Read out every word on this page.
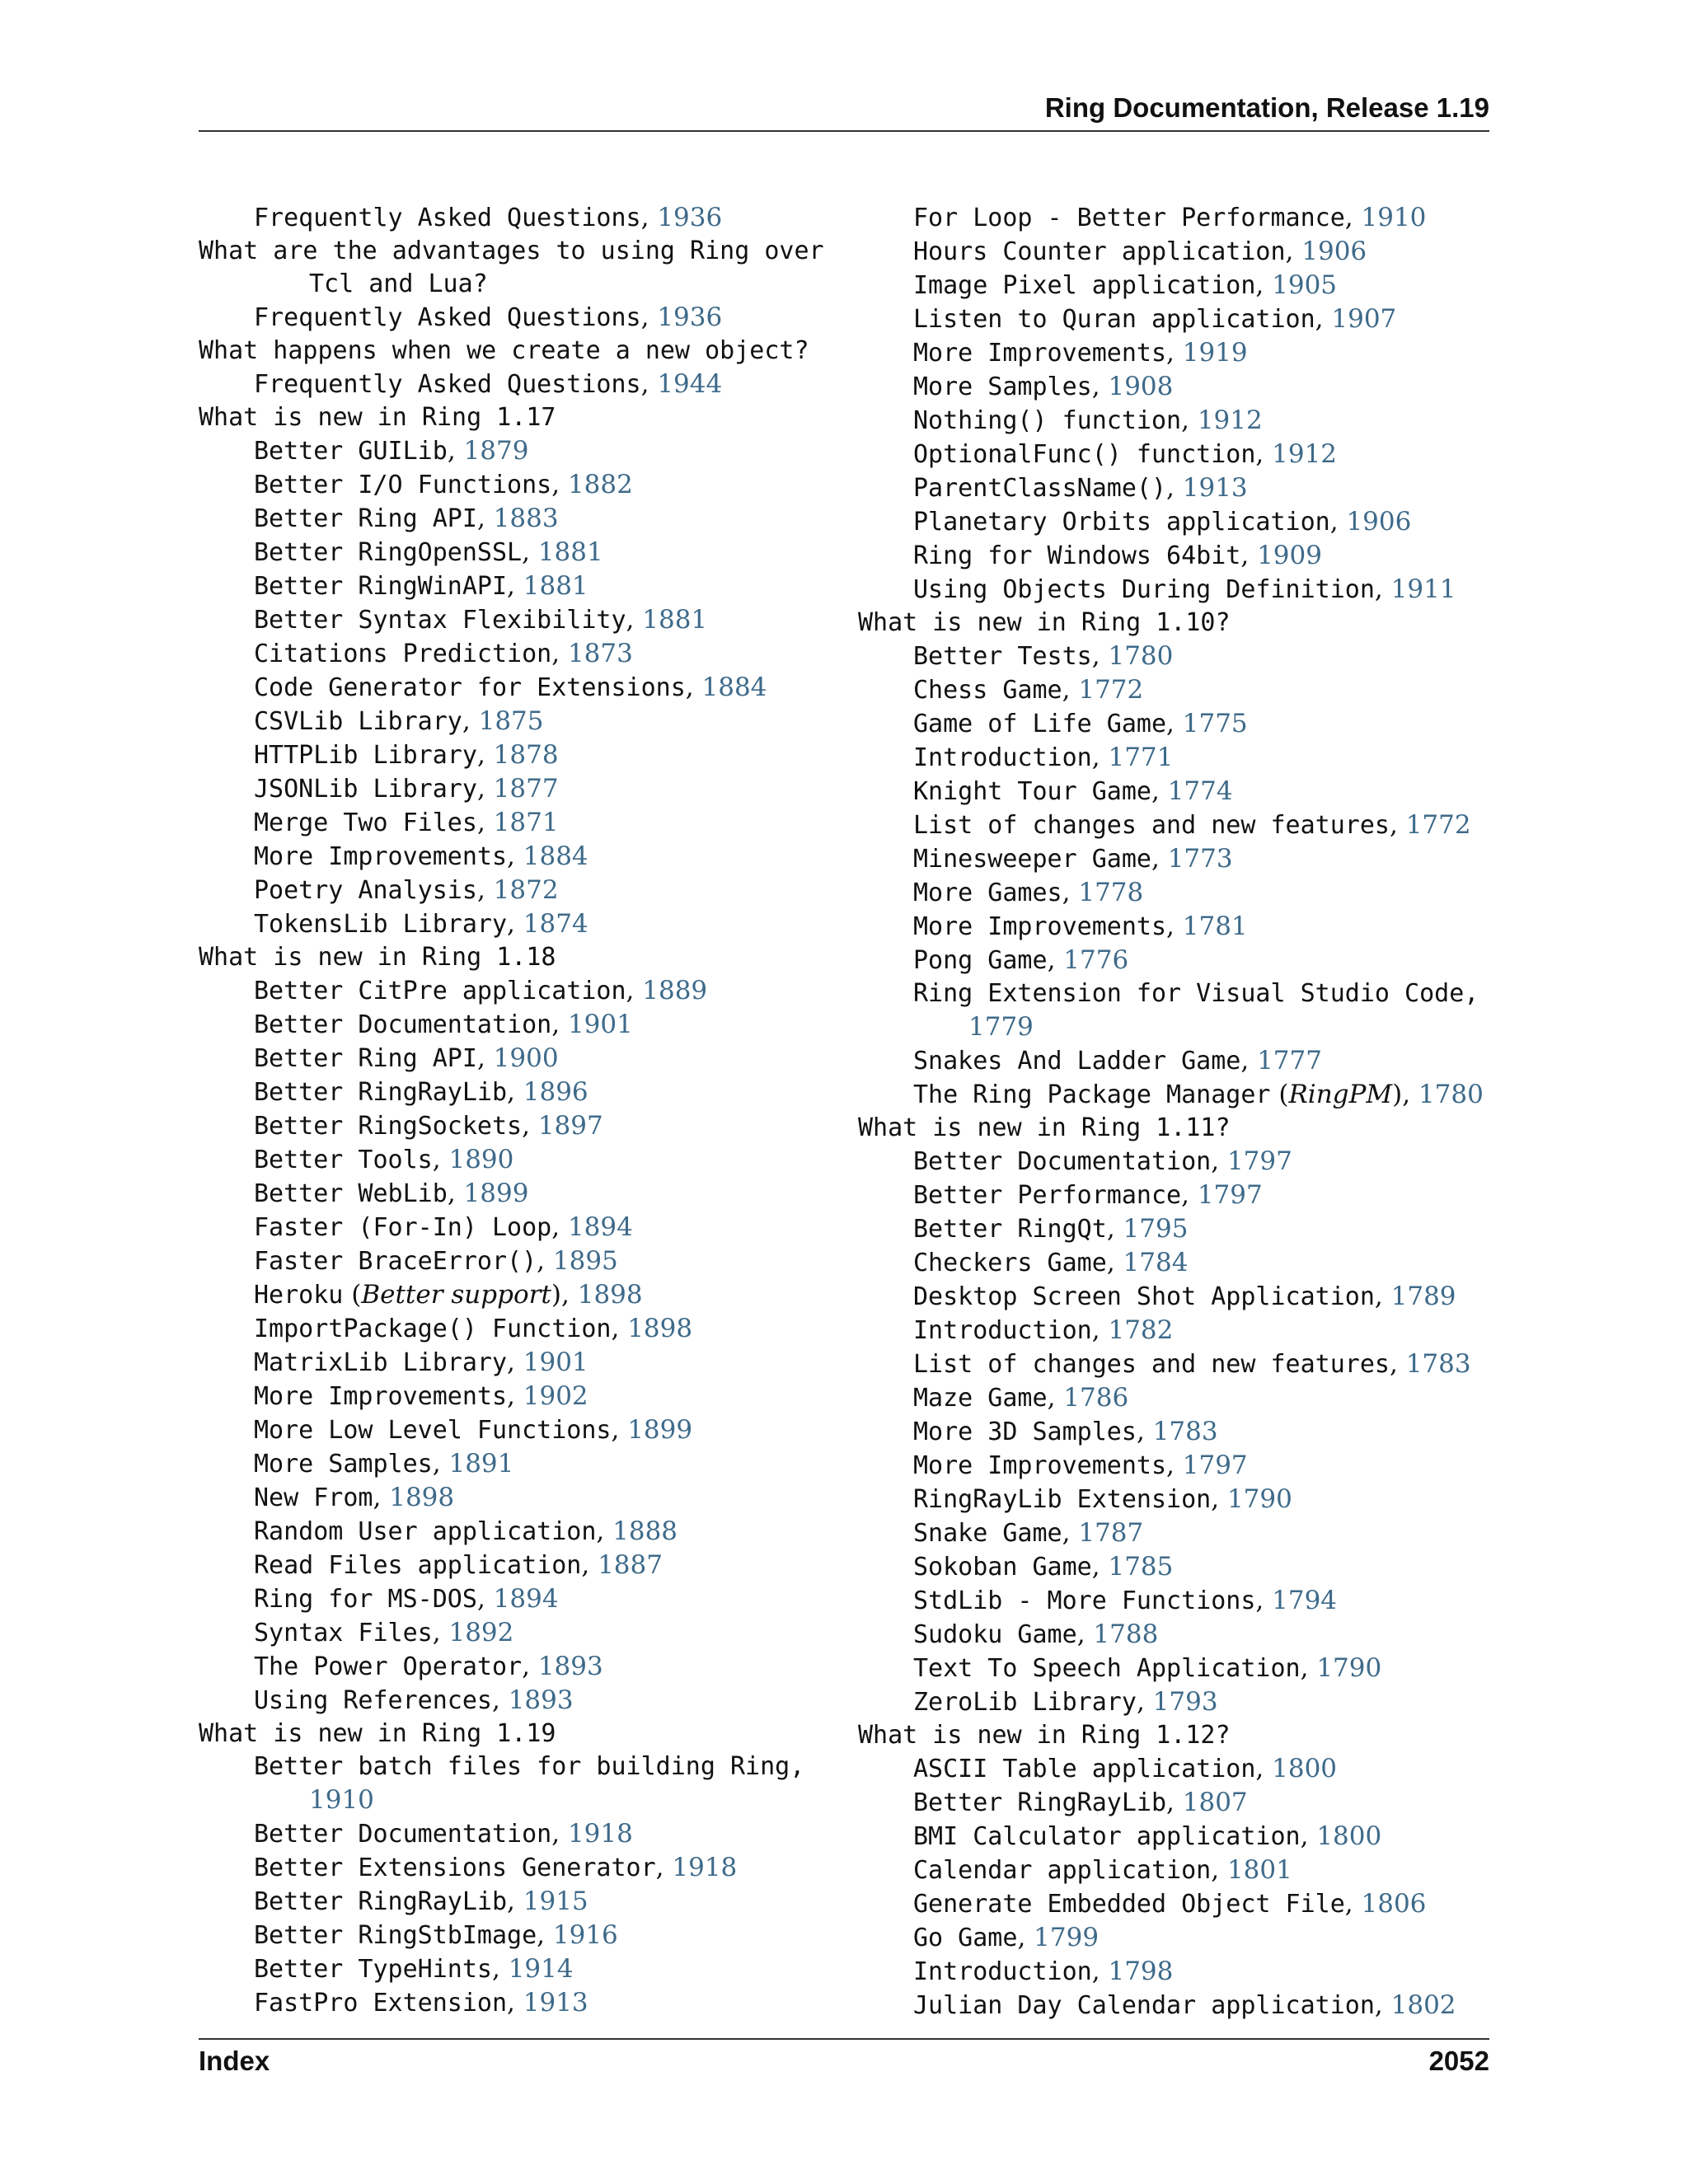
Ring Documentation, Release 1.19
Frequently Asked Questions, 1936
What are the advantages to using Ring over
Tcl and Lua?
Frequently Asked Questions, 1936
What happens when we create a new object?
Frequently Asked Questions, 1944
What is new in Ring 1.17
Better GUILib, 1879
Better I/O Functions, 1882
Better Ring API, 1883
Better RingOpenSSL, 1881
Better RingWinAPI, 1881
Better Syntax Flexibility, 1881
Citations Prediction, 1873
Code Generator for Extensions, 1884
CSVLib Library, 1875
HTTPLib Library, 1878
JSONLib Library, 1877
Merge Two Files, 1871
More Improvements, 1884
Poetry Analysis, 1872
TokensLib Library, 1874
What is new in Ring 1.18
Better CitPre application, 1889
Better Documentation, 1901
Better Ring API, 1900
Better RingRayLib, 1896
Better RingSockets, 1897
Better Tools, 1890
Better WebLib, 1899
Faster (For-In) Loop, 1894
Faster BraceError(), 1895
Heroku (Better support), 1898
ImportPackage() Function, 1898
MatrixLib Library, 1901
More Improvements, 1902
More Low Level Functions, 1899
More Samples, 1891
New From, 1898
Random User application, 1888
Read Files application, 1887
Ring for MS-DOS, 1894
Syntax Files, 1892
The Power Operator, 1893
Using References, 1893
What is new in Ring 1.19
Better batch files for building Ring,
1910
Better Documentation, 1918
Better Extensions Generator, 1918
Better RingRayLib, 1915
Better RingStbImage, 1916
Better TypeHints, 1914
FastPro Extension, 1913
For Loop - Better Performance, 1910
Hours Counter application, 1906
Image Pixel application, 1905
Listen to Quran application, 1907
More Improvements, 1919
More Samples, 1908
Nothing() function, 1912
OptionalFunc() function, 1912
ParentClassName(), 1913
Planetary Orbits application, 1906
Ring for Windows 64bit, 1909
Using Objects During Definition, 1911
What is new in Ring 1.10?
Better Tests, 1780
Chess Game, 1772
Game of Life Game, 1775
Introduction, 1771
Knight Tour Game, 1774
List of changes and new features, 1772
Minesweeper Game, 1773
More Games, 1778
More Improvements, 1781
Pong Game, 1776
Ring Extension for Visual Studio Code,
1779
Snakes And Ladder Game, 1777
The Ring Package Manager (RingPM), 1780
What is new in Ring 1.11?
Better Documentation, 1797
Better Performance, 1797
Better RingQt, 1795
Checkers Game, 1784
Desktop Screen Shot Application, 1789
Introduction, 1782
List of changes and new features, 1783
Maze Game, 1786
More 3D Samples, 1783
More Improvements, 1797
RingRayLib Extension, 1790
Snake Game, 1787
Sokoban Game, 1785
StdLib - More Functions, 1794
Sudoku Game, 1788
Text To Speech Application, 1790
ZeroLib Library, 1793
What is new in Ring 1.12?
ASCII Table application, 1800
Better RingRayLib, 1807
BMI Calculator application, 1800
Calendar application, 1801
Generate Embedded Object File, 1806
Go Game, 1799
Introduction, 1798
Julian Day Calendar application, 1802
Index	2052
